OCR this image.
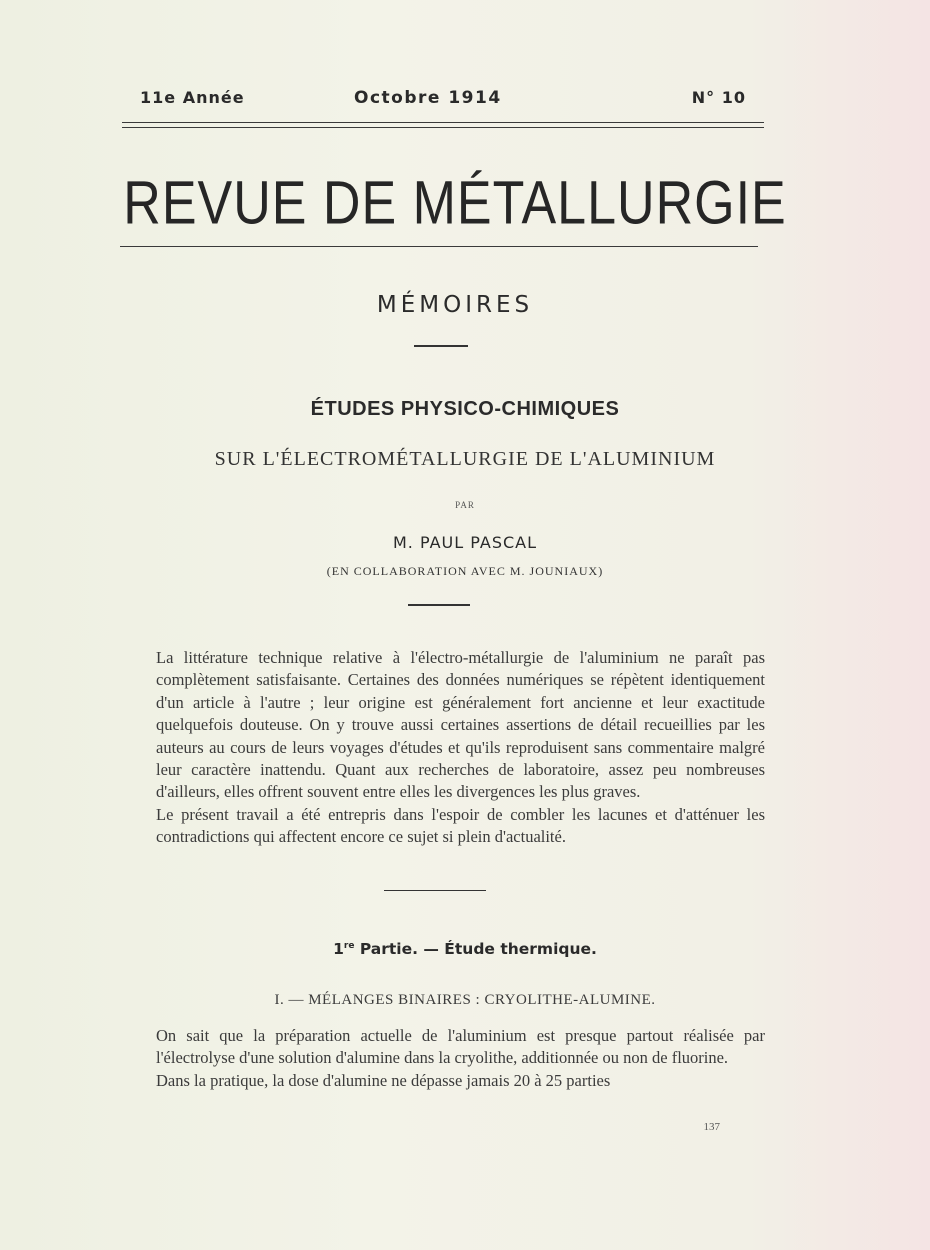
11e Année	Octobre 1914	N° 10
REVUE DE MÉTALLURGIE
MÉMOIRES
ÉTUDES PHYSICO-CHIMIQUES
SUR L'ÉLECTROMÉTALLURGIE DE L'ALUMINIUM
PAR
M. PAUL PASCAL
(EN COLLABORATION AVEC M. JOUNIAUX)

La littérature technique relative à l'électro-métallurgie de l'aluminium ne paraît pas complètement satisfaisante. Certaines des données numériques se répètent identiquement d'un article à l'autre ; leur origine est généralement fort ancienne et leur exactitude quelquefois douteuse. On y trouve aussi certaines assertions de détail recueillies par les auteurs au cours de leurs voyages d'études et qu'ils reproduisent sans commentaire malgré leur caractère inattendu. Quant aux recherches de laboratoire, assez peu nombreuses d'ailleurs, elles offrent souvent entre elles les divergences les plus graves.

Le présent travail a été entrepris dans l'espoir de combler les lacunes et d'atténuer les contradictions qui affectent encore ce sujet si plein d'actualité.

1re Partie. — Étude thermique.
I. — MÉLANGES BINAIRES : CRYOLITHE-ALUMINE.

On sait que la préparation actuelle de l'aluminium est presque partout réalisée par l'électrolyse d'une solution d'alumine dans la cryolithe, additionnée ou non de fluorine.

Dans la pratique, la dose d'alumine ne dépasse jamais 20 à 25 parties

137
